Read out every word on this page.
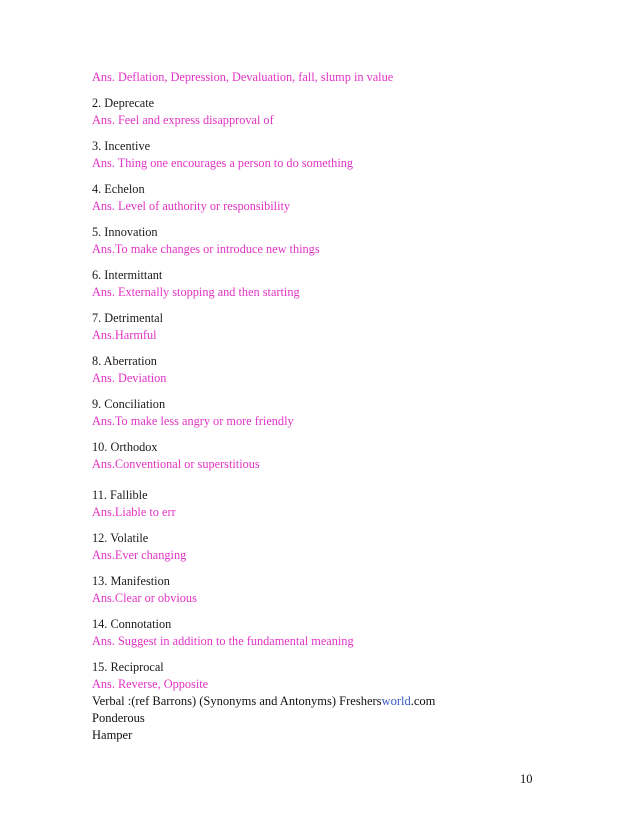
Ans. Deflation, Depression, Devaluation, fall, slump in value
2. Deprecate
Ans. Feel and express disapproval of
3. Incentive
Ans. Thing one encourages a person to do something
4. Echelon
Ans. Level of authority or responsibility
5. Innovation
Ans.To make changes or introduce new things
6. Intermittant
Ans. Externally stopping and then starting
7. Detrimental
Ans.Harmful
8. Aberration
Ans. Deviation
9. Conciliation
Ans.To make less angry or more friendly
10. Orthodox
Ans.Conventional or superstitious
11. Fallible
Ans.Liable to err
12. Volatile
Ans.Ever changing
13. Manifestion
Ans.Clear or obvious
14. Connotation
Ans. Suggest in addition to the fundamental meaning
15. Reciprocal
Ans. Reverse, Opposite
Verbal :(ref Barrons) (Synonyms and Antonyms) Freshersworld.com
Ponderous
Hamper
10
